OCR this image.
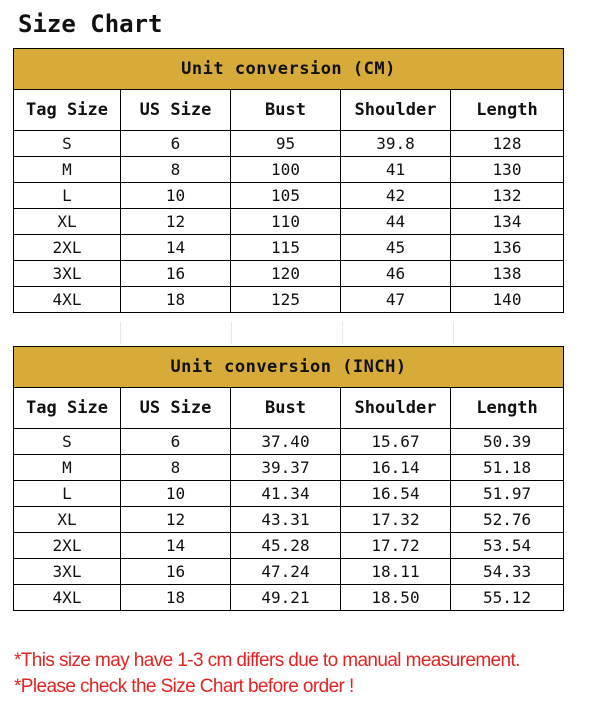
Size Chart
Unit conversion (CM)				
Tag Size	US Size	Bust	Shoulder	Length
S	6	95	39.8	128
M	8	100	41	130
L	10	105	42	132
XL	12	110	44	134
2XL	14	115	45	136
3XL	16	120	46	138
4XL	18	125	47	140
Unit conversion (INCH)				
Tag Size	US Size	Bust	Shoulder	Length
S	6	37.40	15.67	50.39
M	8	39.37	16.14	51.18
L	10	41.34	16.54	51.97
XL	12	43.31	17.32	52.76
2XL	14	45.28	17.72	53.54
3XL	16	47.24	18.11	54.33
4XL	18	49.21	18.50	55.12
*This size may have 1-3 cm differs due to manual measurement.
*Please check the Size Chart before order !
